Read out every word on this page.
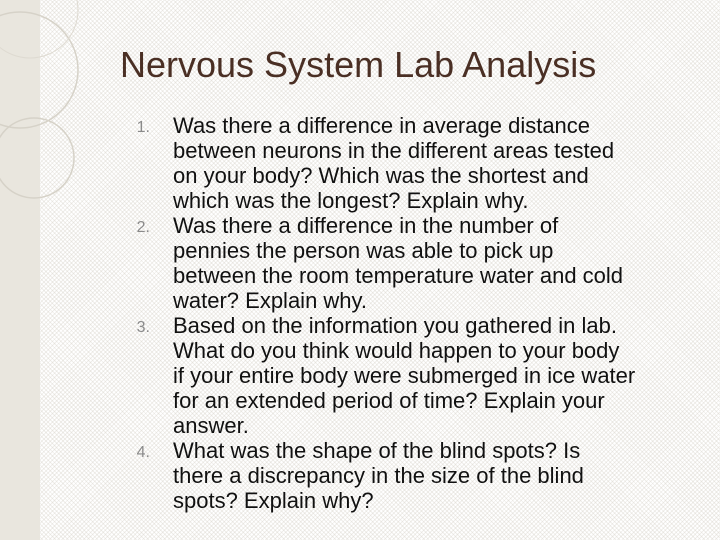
Nervous System Lab Analysis
1. Was there a difference in average distance
between neurons in the different areas tested
on your body? Which was the shortest and
which was the longest? Explain why.
2. Was there a difference in the number of
pennies the person was able to pick up
between the room temperature water and cold
water? Explain why.
3. Based on the information you gathered in lab.
What do you think would happen to your body
if your entire body were submerged in ice water
for an extended period of time? Explain your
answer.
4. What was the shape of the blind spots? Is
there a discrepancy in the size of the blind
spots? Explain why?
